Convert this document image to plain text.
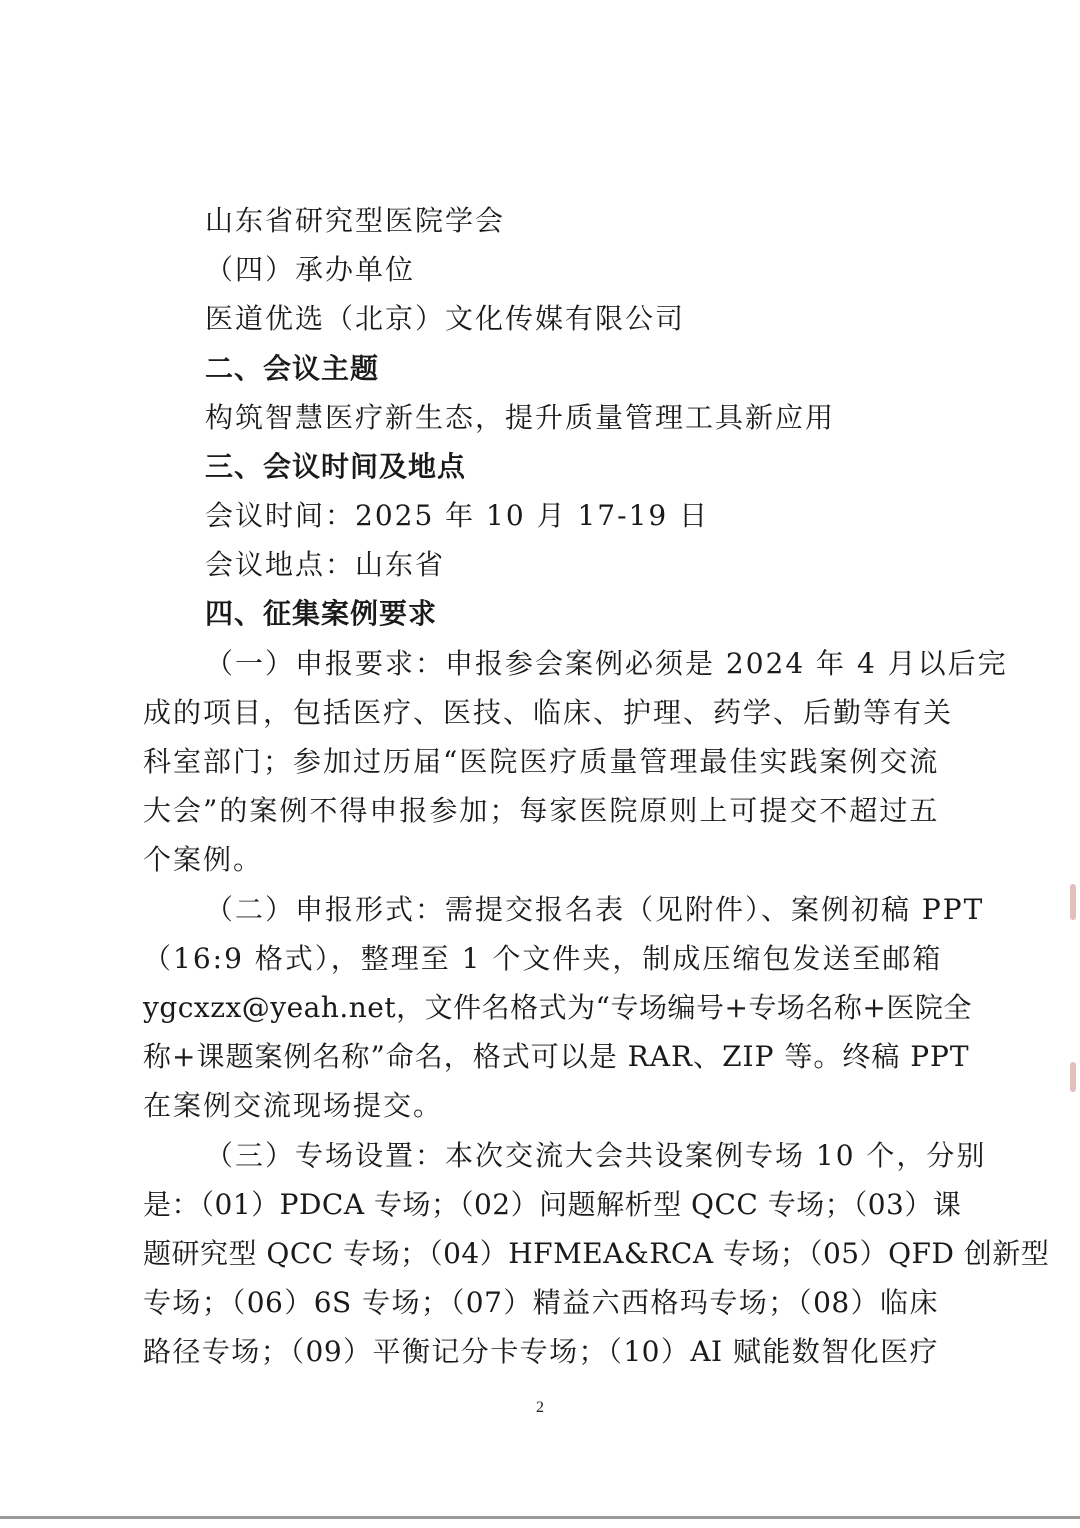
山东省研究型医院学会
（四）承办单位
医道优选（北京）文化传媒有限公司
二、会议主题
构筑智慧医疗新生态，提升质量管理工具新应用
三、会议时间及地点
会议时间：2025 年 10 月 17-19 日
会议地点：山东省
四、征集案例要求
（一）申报要求：申报参会案例必须是 2024 年 4 月以后完
成的项目，包括医疗、医技、临床、护理、药学、后勤等有关
科室部门；参加过历届“医院医疗质量管理最佳实践案例交流
大会”的案例不得申报参加；每家医院原则上可提交不超过五
个案例。
（二）申报形式：需提交报名表（见附件）、案例初稿 PPT
（16:9 格式），整理至 1 个文件夹，制成压缩包发送至邮箱
ygcxzx@yeah.net，文件名格式为“专场编号+专场名称+医院全
称+课题案例名称”命名，格式可以是 RAR、ZIP 等。终稿 PPT
在案例交流现场提交。
（三）专场设置：本次交流大会共设案例专场 10 个，分别
是：（01）PDCA 专场；（02）问题解析型 QCC 专场；（03）课
题研究型 QCC 专场；（04）HFMEA&RCA 专场；（05）QFD 创新型
专场；（06）6S 专场；（07）精益六西格玛专场；（08）临床
路径专场；（09）平衡记分卡专场；（10）AI 赋能数智化医疗
2
